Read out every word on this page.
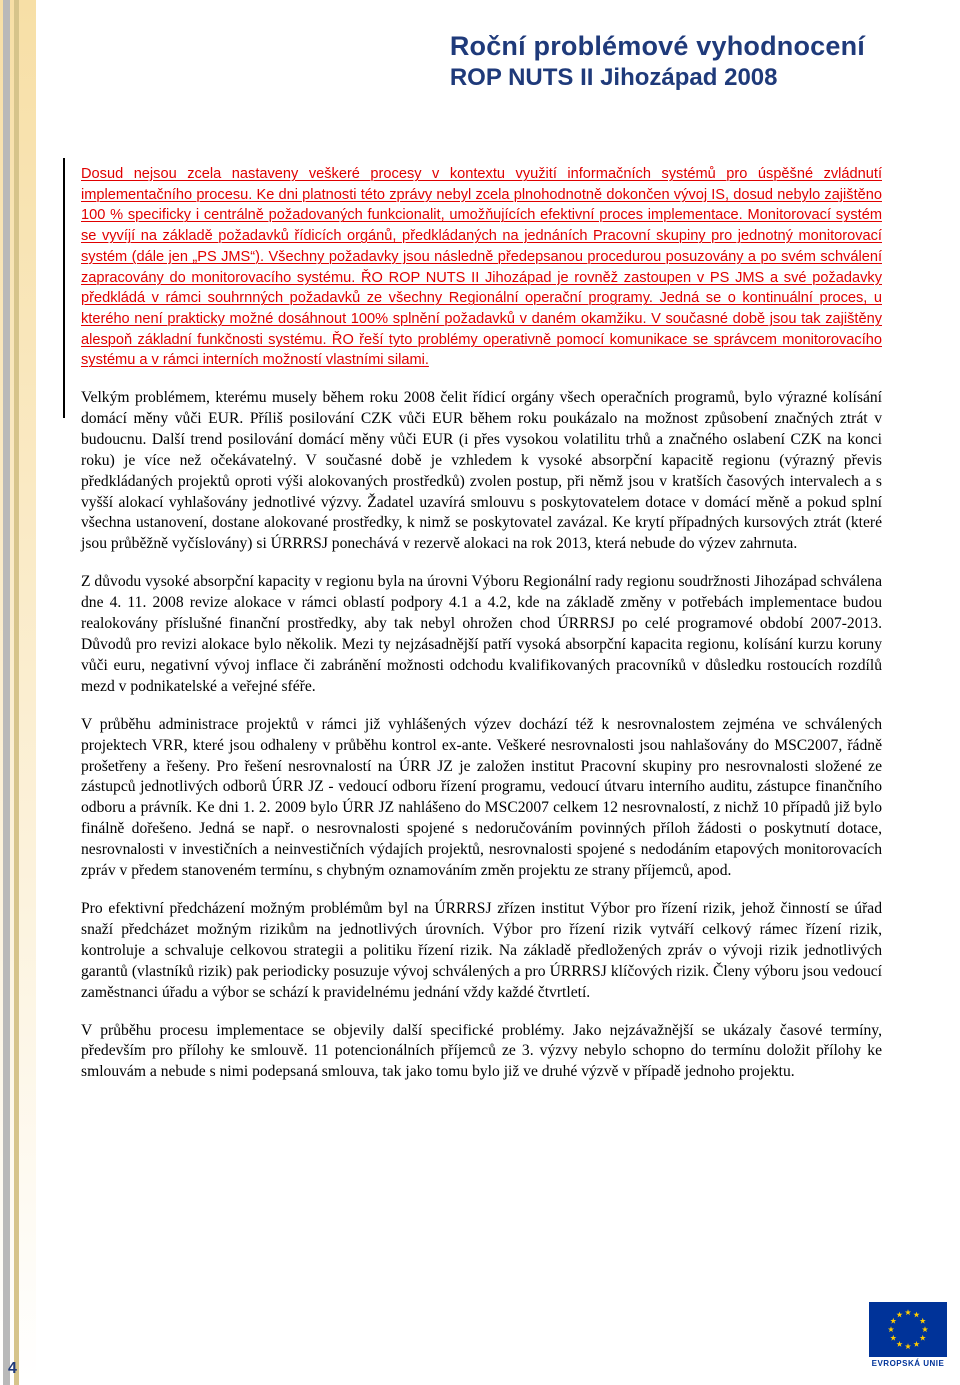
Roční problémové vyhodnocení
ROP NUTS II Jihozápad 2008

Dosud nejsou zcela nastaveny veškeré procesy v kontextu využití informačních systémů pro úspěšné zvládnutí implementačního procesu. Ke dni platnosti této zprávy nebyl zcela plnohodnotně dokončen vývoj IS, dosud nebylo zajištěno 100 % specificky i centrálně požadovaných funkcionalit, umožňujících efektivní proces implementace. Monitorovací systém se vyvíjí na základě požadavků řídicích orgánů, předkládaných na jednáních Pracovní skupiny pro jednotný monitorovací systém (dále jen „PS JMS“). Všechny požadavky jsou následně předepsanou procedurou posuzovány a po svém schválení zapracovány do monitorovacího systému. ŘO ROP NUTS II Jihozápad je rovněž zastoupen v PS JMS a své požadavky předkládá v rámci souhrnných požadavků ze všechny Regionální operační programy. Jedná se o kontinuální proces, u kterého není prakticky možné dosáhnout 100% splnění požadavků v daném okamžiku. V současné době jsou tak zajištěny alespoň základní funkčnosti systému. ŘO řeší tyto problémy operativně pomocí komunikace se správcem monitorovacího systému a v rámci interních možností vlastními silami.

Velkým problémem, kterému musely během roku 2008 čelit řídicí orgány všech operačních programů, bylo výrazné kolísání domácí měny vůči EUR. Příliš posilování CZK vůči EUR během roku poukázalo na možnost způsobení značných ztrát v budoucnu. Další trend posilování domácí měny vůči EUR (i přes vysokou volatilitu trhů a značného oslabení CZK na konci roku) je více než očekávatelný. V současné době je vzhledem k vysoké absorpční kapacitě regionu (výrazný převis předkládaných projektů oproti výši alokovaných prostředků) zvolen postup, při němž jsou v kratších časových intervalech a s vyšší alokací vyhlašovány jednotlivé výzvy. Žadatel uzavírá smlouvu s poskytovatelem dotace v domácí měně a pokud splní všechna ustanovení, dostane alokované prostředky, k nimž se poskytovatel zavázal. Ke krytí případných kursových ztrát (které jsou průběžně vyčíslovány) si ÚRRRSJ ponechává v rezervě alokaci na rok 2013, která nebude do výzev zahrnuta.

Z důvodu vysoké absorpční kapacity v regionu byla na úrovni Výboru Regionální rady regionu soudržnosti Jihozápad schválena dne 4. 11. 2008 revize alokace v rámci oblastí podpory 4.1 a 4.2, kde na základě změny v potřebách implementace budou realokovány příslušné finanční prostředky, aby tak nebyl ohrožen chod ÚRRRSJ po celé programové období 2007-2013. Důvodů pro revizi alokace bylo několik. Mezi ty nejzásadnější patří vysoká absorpční kapacita regionu, kolísání kurzu koruny vůči euru, negativní vývoj inflace či zabránění možnosti odchodu kvalifikovaných pracovníků v důsledku rostoucích rozdílů mezd v podnikatelské a veřejné sféře.

V průběhu administrace projektů v rámci již vyhlášených výzev dochází též k nesrovnalostem zejména ve schválených projektech VRR, které jsou odhaleny v průběhu kontrol ex-ante. Veškeré nesrovnalosti jsou nahlašovány do MSC2007, řádně prošetřeny a řešeny. Pro řešení nesrovnalostí na ÚRR JZ je založen institut Pracovní skupiny pro nesrovnalosti složené ze zástupců jednotlivých odborů ÚRR JZ - vedoucí odboru řízení programu, vedoucí útvaru interního auditu, zástupce finančního odboru a právník. Ke dni 1. 2. 2009 bylo ÚRR JZ nahlášeno do MSC2007 celkem 12 nesrovnalostí, z nichž 10 případů již bylo finálně dořešeno. Jedná se např. o nesrovnalosti spojené s nedoručováním povinných příloh žádosti o poskytnutí dotace, nesrovnalosti v investičních a neinvestičních výdajích projektů, nesrovnalosti spojené s nedodáním etapových monitorovacích zpráv v předem stanoveném termínu, s chybným oznamováním změn projektu ze strany příjemců, apod.

Pro efektivní předcházení možným problémům byl na ÚRRRSJ zřízen institut Výbor pro řízení rizik, jehož činností se úřad snaží předcházet možným rizikům na jednotlivých úrovních. Výbor pro řízení rizik vytváří celkový rámec řízení rizik, kontroluje a schvaluje celkovou strategii a politiku řízení rizik. Na základě předložených zpráv o vývoji rizik jednotlivých garantů (vlastníků rizik) pak periodicky posuzuje vývoj schválených a pro ÚRRRSJ klíčových rizik. Členy výboru jsou vedoucí zaměstnanci úřadu a výbor se schází k pravidelnému jednání vždy každé čtvrtletí.

V průběhu procesu implementace se objevily další specifické problémy. Jako nejzávažnější se ukázaly časové termíny, především pro přílohy ke smlouvě. 11 potencionálních příjemců ze 3. výzvy nebylo schopno do termínu doložit přílohy ke smlouvám a nebude s nimi podepsaná smlouva, tak jako tomu bylo již ve druhé výzvě v případě jednoho projektu.

4	EVROPSKÁ UNIE
